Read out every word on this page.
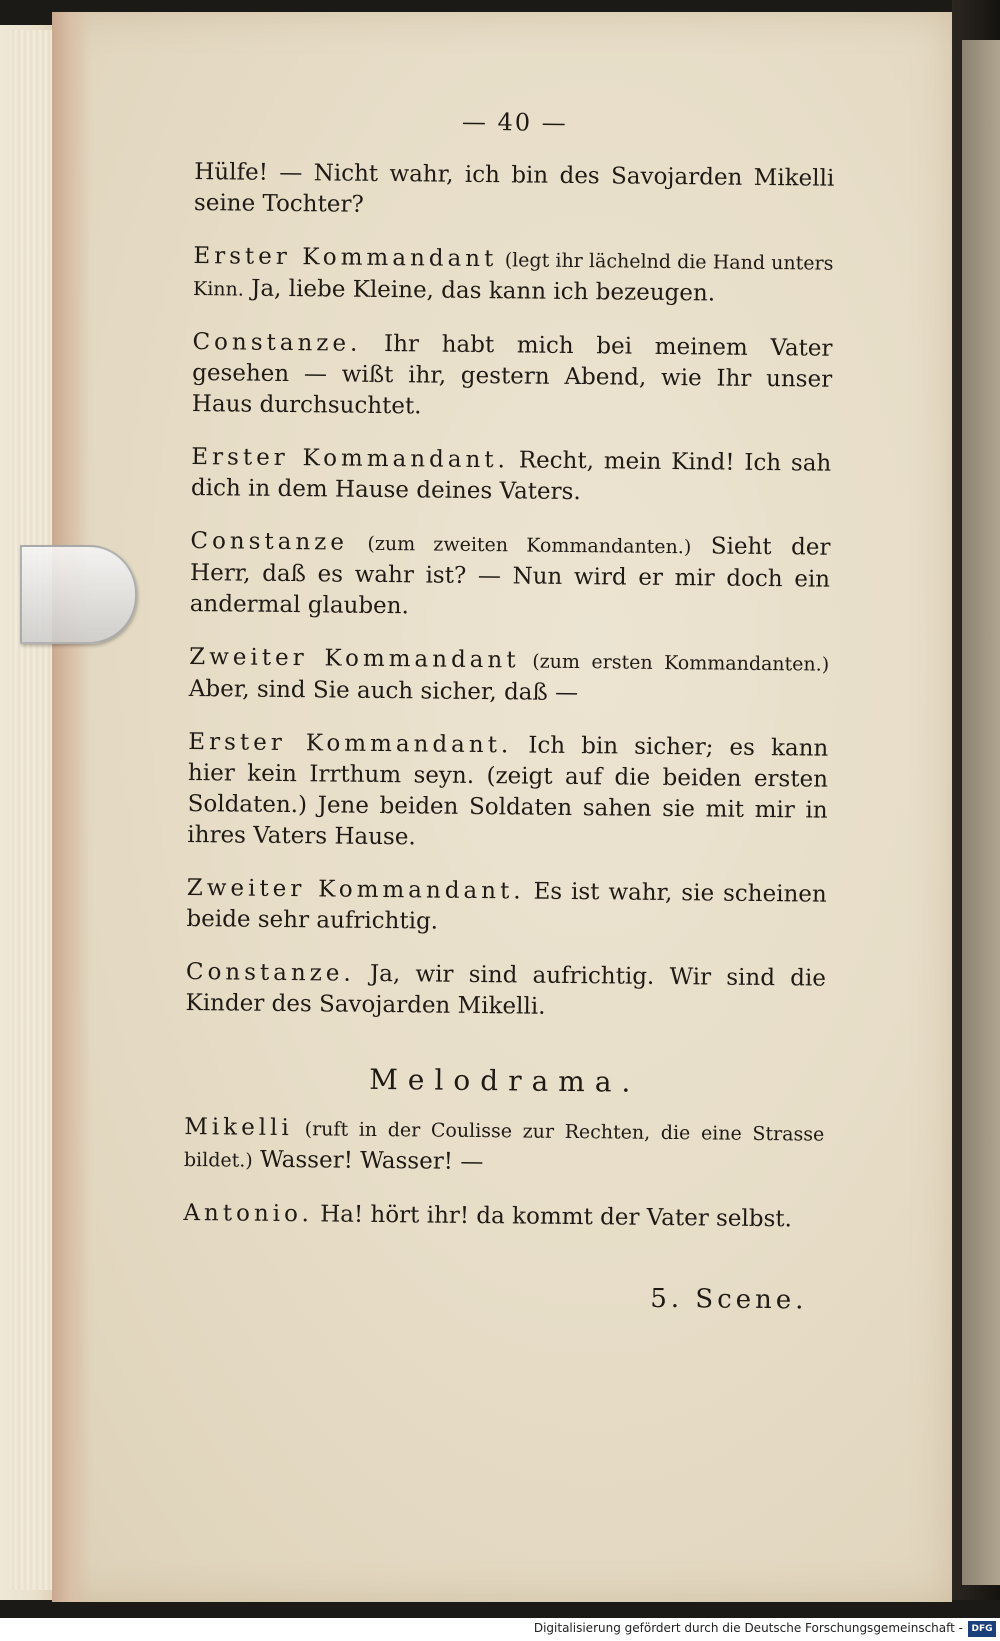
— 40 —

Hülfe! — Nicht wahr, ich bin des Savojarden Mikelli seine Tochter?

Erster Kommandant (legt ihr lächelnd die Hand unters Kinn. Ja, liebe Kleine, das kann ich bezeugen.

Constanze. Ihr habt mich bei meinem Vater gesehen — wißt ihr, gestern Abend, wie Ihr unser Haus durchsuchtet.

Erster Kommandant. Recht, mein Kind! Ich sah dich in dem Hause deines Vaters.

Constanze (zum zweiten Kommandanten.) Sieht der Herr, daß es wahr ist? — Nun wird er mir doch ein andermal glauben.

Zweiter Kommandant (zum ersten Kommandanten.) Aber, sind Sie auch sicher, daß —

Erster Kommandant. Ich bin sicher; es kann hier kein Irrthum seyn. (zeigt auf die beiden ersten Soldaten.) Jene beiden Soldaten sahen sie mit mir in ihres Vaters Hause.

Zweiter Kommandant. Es ist wahr, sie scheinen beide sehr aufrichtig.

Constanze. Ja, wir sind aufrichtig. Wir sind die Kinder des Savojarden Mikelli.

Melodrama.

Mikelli (ruft in der Coulisse zur Rechten, die eine Strasse bildet.) Wasser! Wasser! —

Antonio. Ha! hört ihr! da kommt der Vater selbst.

5. Scene.
Digitalisierung gefördert durch die Deutsche Forschungsgemeinschaft - DFG
